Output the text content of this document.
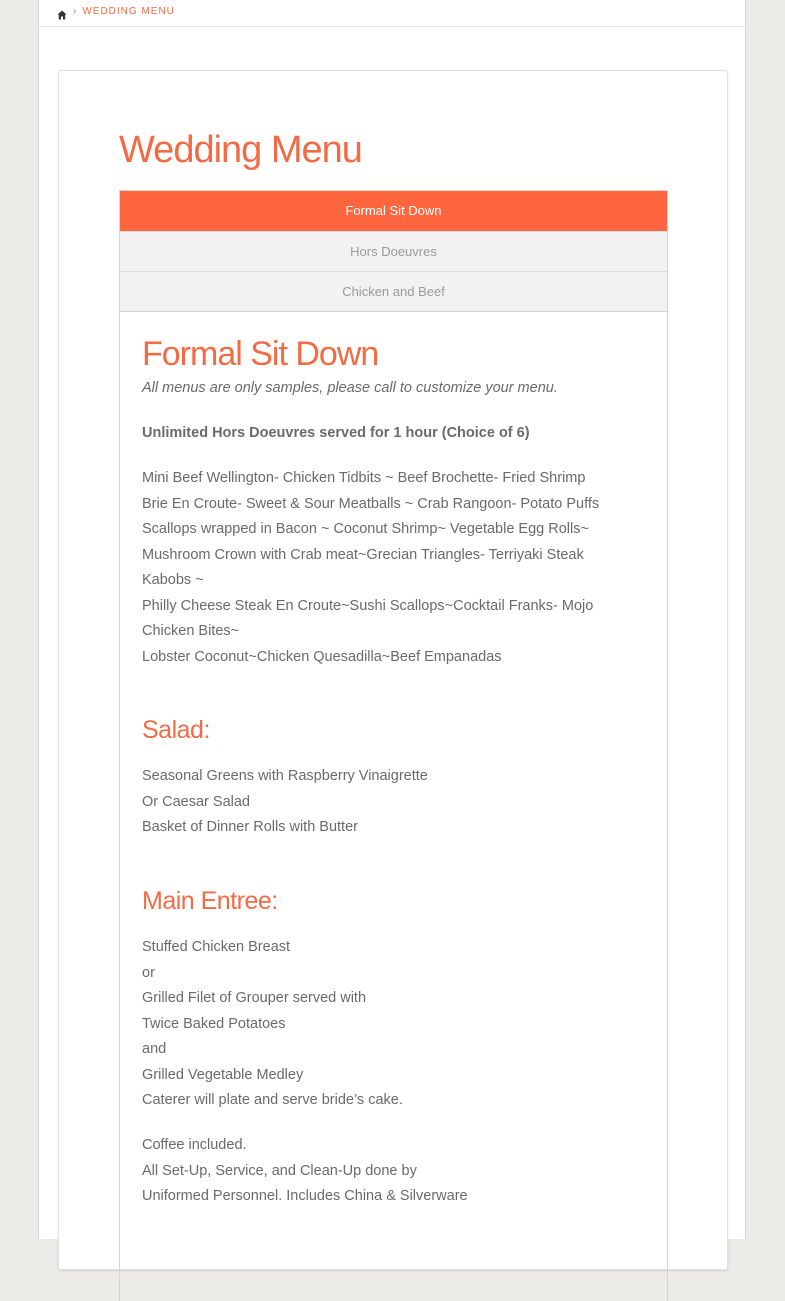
› WEDDING MENU
Wedding Menu
Formal Sit Down
Hors Doeuvres
Chicken and Beef
Formal Sit Down
All menus are only samples, please call to customize your menu.
Unlimited Hors Doeuvres served for 1 hour (Choice of 6)
Mini Beef Wellington- Chicken Tidbits ~ Beef Brochette- Fried Shrimp
Brie En Croute- Sweet & Sour Meatballs ~ Crab Rangoon- Potato Puffs
Scallops wrapped in Bacon ~ Coconut Shrimp~ Vegetable Egg Rolls~
Mushroom Crown with Crab meat~Grecian Triangles- Terriyaki Steak Kabobs ~
Philly Cheese Steak En Croute~Sushi Scallops~Cocktail Franks- Mojo Chicken Bites~
Lobster Coconut~Chicken Quesadilla~Beef Empanadas
Salad:
Seasonal Greens with Raspberry Vinaigrette
Or Caesar Salad
Basket of Dinner Rolls with Butter
Main Entree:
Stuffed Chicken Breast
or
Grilled Filet of Grouper served with
Twice Baked Potatoes
and
Grilled Vegetable Medley
Caterer will plate and serve bride’s cake.
Coffee included.
All Set-Up, Service, and Clean-Up done by
Uniformed Personnel. Includes China & Silverware
